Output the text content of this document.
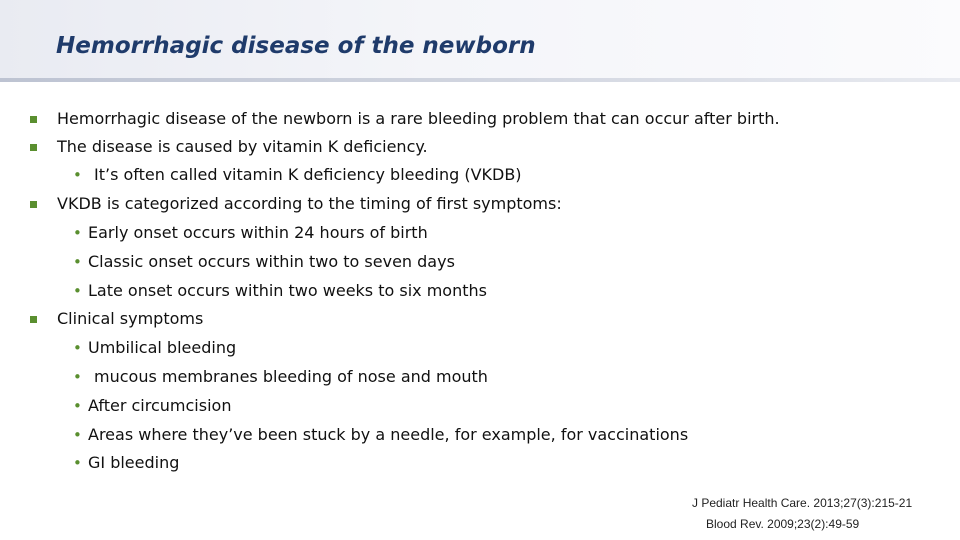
Hemorrhagic disease of the newborn
Hemorrhagic disease of the newborn is a rare bleeding problem that can occur after birth.
The disease is caused by vitamin K deficiency.
• It’s often called vitamin K deficiency bleeding (VKDB)
VKDB is categorized according to the timing of first symptoms:
• Early onset occurs within 24 hours of birth
• Classic onset occurs within two to seven days
• Late onset occurs within two weeks to six months
Clinical symptoms
• Umbilical bleeding
• mucous membranes bleeding of nose and mouth
• After circumcision
• Areas where they’ve been stuck by a needle, for example, for vaccinations
• GI bleeding
J Pediatr Health Care. 2013;27(3):215-21
Blood Rev. 2009;23(2):49-59
